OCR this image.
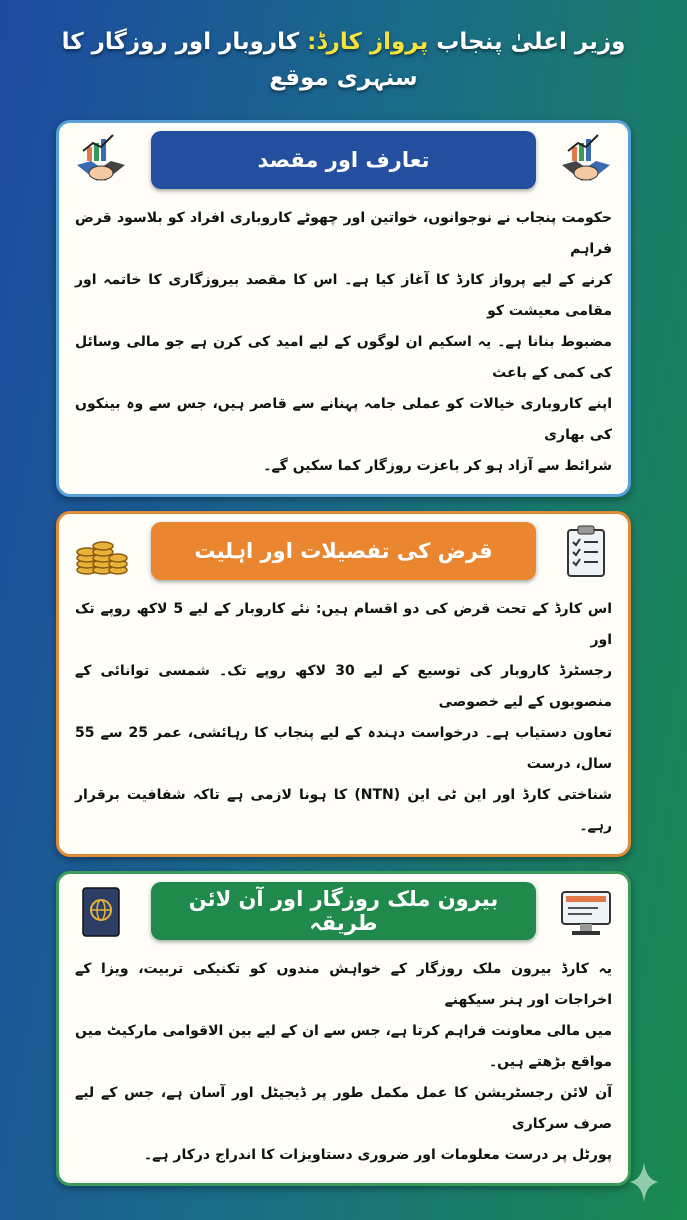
وزیر اعلیٰ پنجاب پرواز کارڈ: کاروبار اور روزگار کا سنہری موقع
تعارف اور مقصد
حکومت پنجاب نے نوجوانوں، خواتین اور چھوٹے کاروباری افراد کو بلاسود قرض فراہم
کرنے کے لیے پرواز کارڈ کا آغاز کیا ہے۔ اس کا مقصد بیروزگاری کا خاتمہ اور مقامی معیشت کو
مضبوط بنانا ہے۔ یہ اسکیم ان لوگوں کے لیے امید کی کرن ہے جو مالی وسائل کی کمی کے باعث
اپنے کاروباری خیالات کو عملی جامہ پہنانے سے قاصر ہیں، جس سے وہ بینکوں کی بھاری
شرائط سے آزاد ہو کر باعزت روزگار کما سکیں گے۔
قرض کی تفصیلات اور اہلیت
اس کارڈ کے تحت قرض کی دو اقسام ہیں: نئے کاروبار کے لیے 5 لاکھ روپے تک اور
رجسٹرڈ کاروبار کی توسیع کے لیے 30 لاکھ روپے تک۔ شمسی توانائی کے منصوبوں کے لیے خصوصی
تعاون دستیاب ہے۔ درخواست دہندہ کے لیے پنجاب کا رہائشی، عمر 25 سے 55 سال، درست
شناختی کارڈ اور این ٹی این (NTN) کا ہونا لازمی ہے تاکہ شفافیت برقرار رہے۔
بیرون ملک روزگار اور آن لائن طریقہ
یہ کارڈ بیرون ملک روزگار کے خواہش مندوں کو تکنیکی تربیت، ویزا کے اخراجات اور ہنر سیکھنے
میں مالی معاونت فراہم کرتا ہے، جس سے ان کے لیے بین الاقوامی مارکیٹ میں مواقع بڑھتے ہیں۔
آن لائن رجسٹریشن کا عمل مکمل طور پر ڈیجیٹل اور آسان ہے، جس کے لیے صرف سرکاری
پورٹل پر درست معلومات اور ضروری دستاویزات کا اندراج درکار ہے۔
